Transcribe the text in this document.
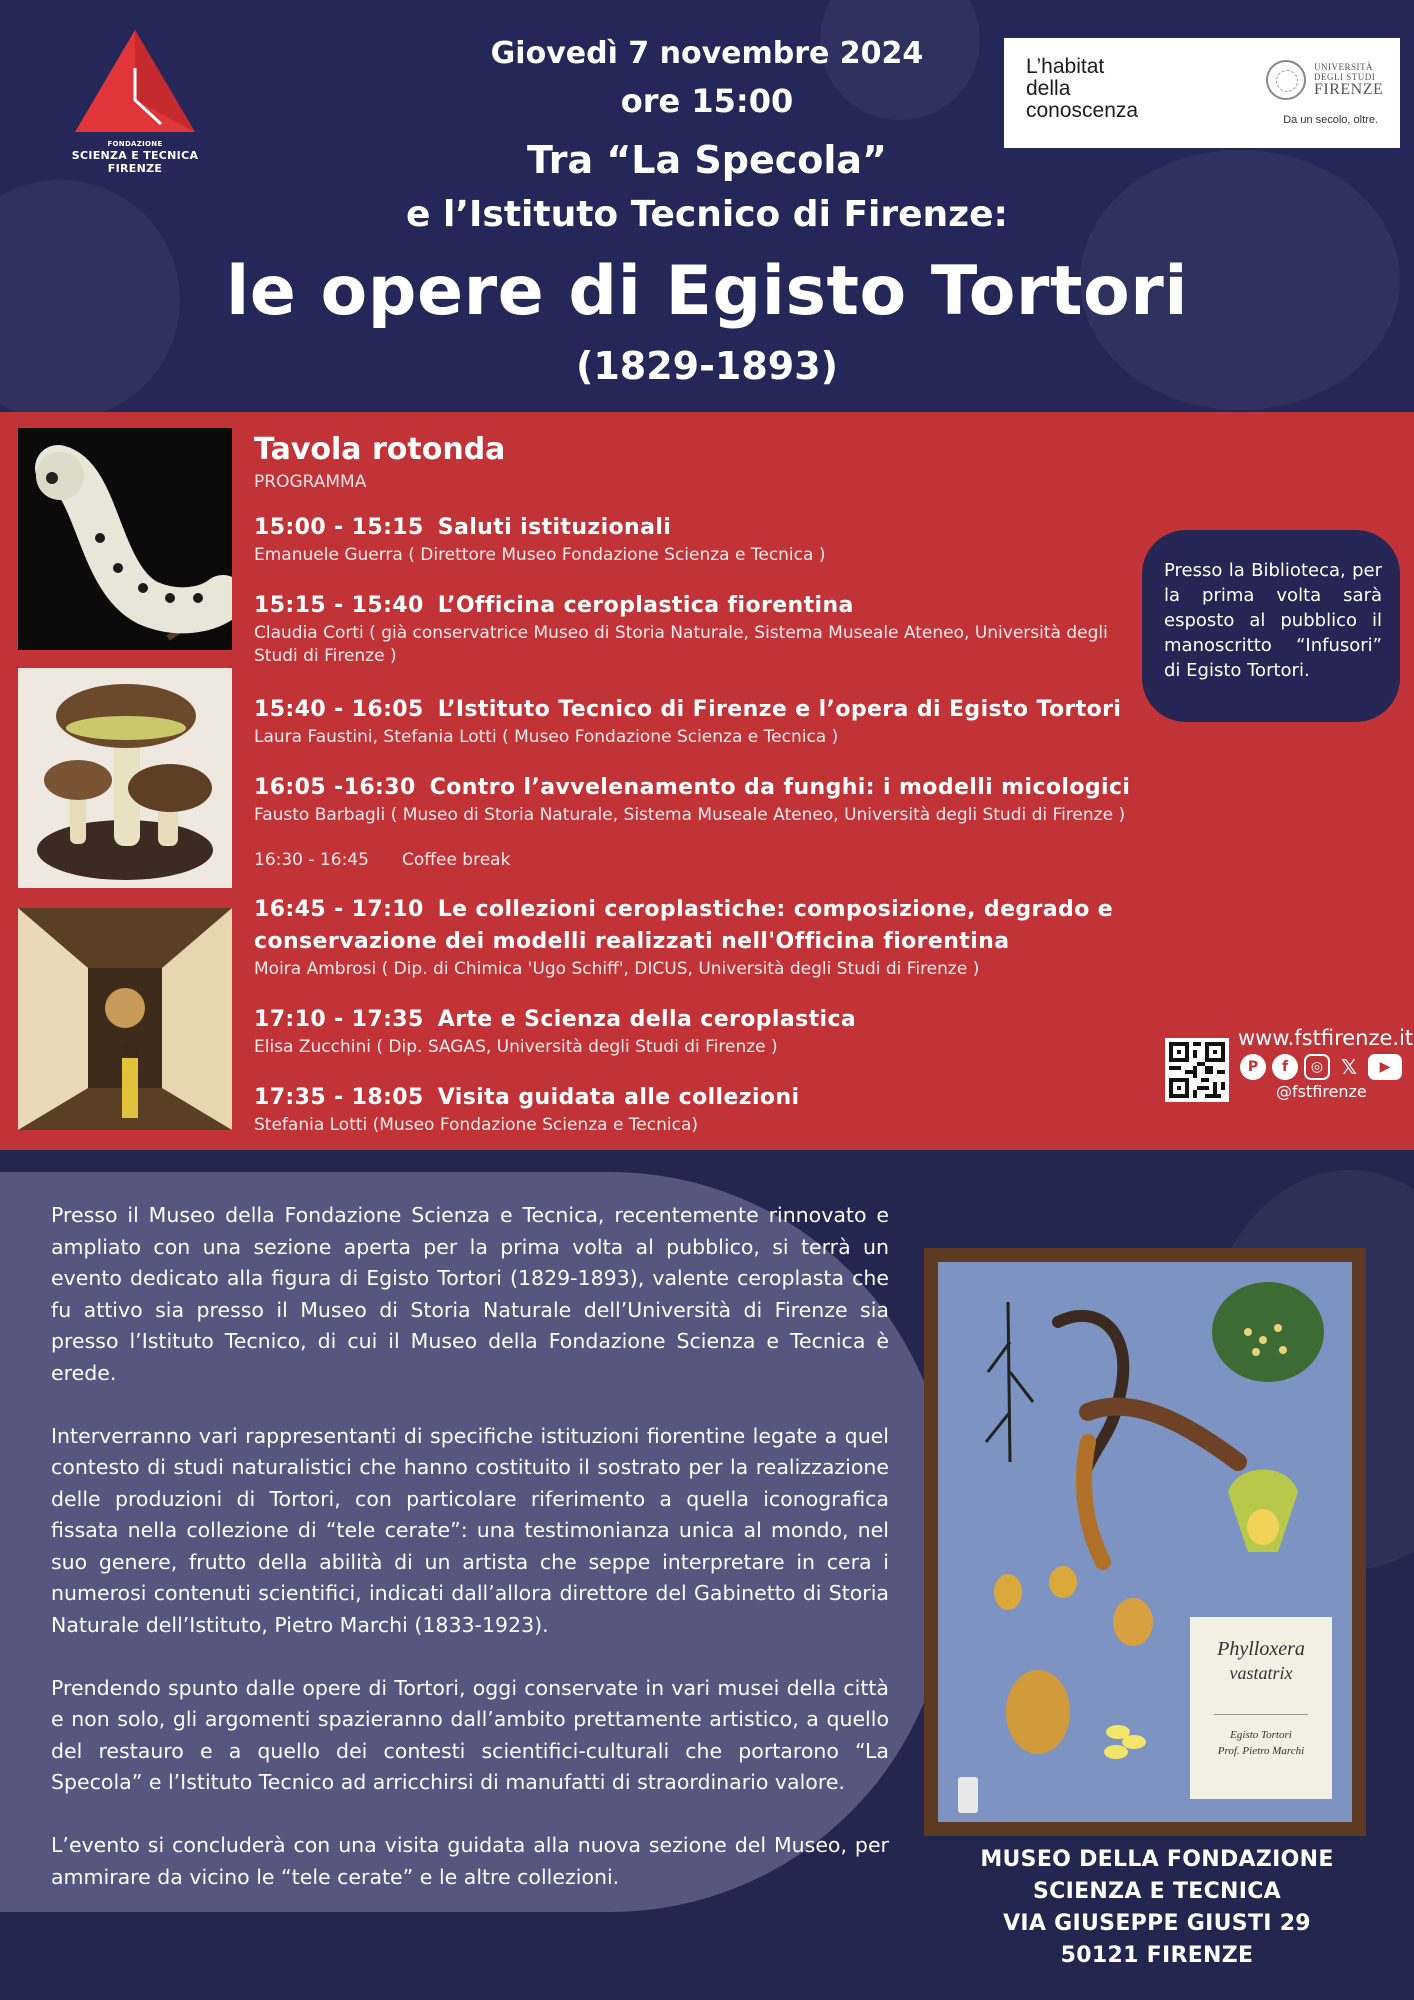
FONDAZIONE
SCIENZA E TECNICA
FIRENZE
Giovedì 7 novembre 2024
ore 15:00
Tra “La Specola”
e l’Istituto Tecnico di Firenze:
le opere di Egisto Tortori
(1829-1893)
L’habitat
della
conoscenza
UNIVERSITÀ
DEGLI STUDI
FIRENZE
Da un secolo, oltre.
Tavola rotonda
PROGRAMMA
15:00 - 15:15 Saluti istituzionali
Emanuele Guerra ( Direttore Museo Fondazione Scienza e Tecnica )
15:15 - 15:40 L’Officina ceroplastica fiorentina
Claudia Corti ( già conservatrice Museo di Storia Naturale, Sistema Museale Ateneo, Università degli Studi di Firenze )
15:40 - 16:05 L’Istituto Tecnico di Firenze e l’opera di Egisto Tortori
Laura Faustini, Stefania Lotti ( Museo Fondazione Scienza e Tecnica )
16:05 -16:30 Contro l’avvelenamento da funghi: i modelli micologici
Fausto Barbagli ( Museo di Storia Naturale, Sistema Museale Ateneo, Università degli Studi di Firenze )
16:30 - 16:45 Coffee break
16:45 - 17:10 Le collezioni ceroplastiche: composizione, degrado e conservazione dei modelli realizzati nell'Officina fiorentina
Moira Ambrosi ( Dip. di Chimica 'Ugo Schiff', DICUS, Università degli Studi di Firenze )
17:10 - 17:35 Arte e Scienza della ceroplastica
Elisa Zucchini ( Dip. SAGAS, Università degli Studi di Firenze )
17:35 - 18:05 Visita guidata alle collezioni
Stefania Lotti (Museo Fondazione Scienza e Tecnica)
Presso la Biblioteca, per la prima volta sarà esposto al pubblico il manoscritto “Infusori” di Egisto Tortori.
www.fstfirenze.it
P	f	◎ 𝕏	▶
@fstfirenze

Presso il Museo della Fondazione Scienza e Tecnica, recentemente rinnovato e ampliato con una sezione aperta per la prima volta al pubblico, si terrà un evento dedicato alla figura di Egisto Tortori (1829-1893), valente ceroplasta che fu attivo sia presso il Museo di Storia Naturale dell’Università di Firenze sia presso l’Istituto Tecnico, di cui il Museo della Fondazione Scienza e Tecnica è erede.

Interverranno vari rappresentanti di specifiche istituzioni fiorentine legate a quel contesto di studi naturalistici che hanno costituito il sostrato per la realizzazione delle produzioni di Tortori, con particolare riferimento a quella iconografica fissata nella collezione di “tele cerate”: una testimonianza unica al mondo, nel suo genere, frutto della abilità di un artista che seppe interpretare in cera i numerosi contenuti scientifici, indicati dall’allora direttore del Gabinetto di Storia Naturale dell’Istituto, Pietro Marchi (1833-1923).

Prendendo spunto dalle opere di Tortori, oggi conservate in vari musei della città e non solo, gli argomenti spazieranno dall’ambito prettamente artistico, a quello del restauro e a quello dei contesti scientifici-culturali che portarono “La Specola” e l’Istituto Tecnico ad arricchirsi di manufatti di straordinario valore.

L’evento si concluderà con una visita guidata alla nuova sezione del Museo, per ammirare da vicino le “tele cerate” e le altre collezioni.

Phylloxera
vastatrix
Egisto Tortori
Prof. Pietro Marchi
MUSEO DELLA FONDAZIONE
SCIENZA E TECNICA
VIA GIUSEPPE GIUSTI 29
50121 FIRENZE
